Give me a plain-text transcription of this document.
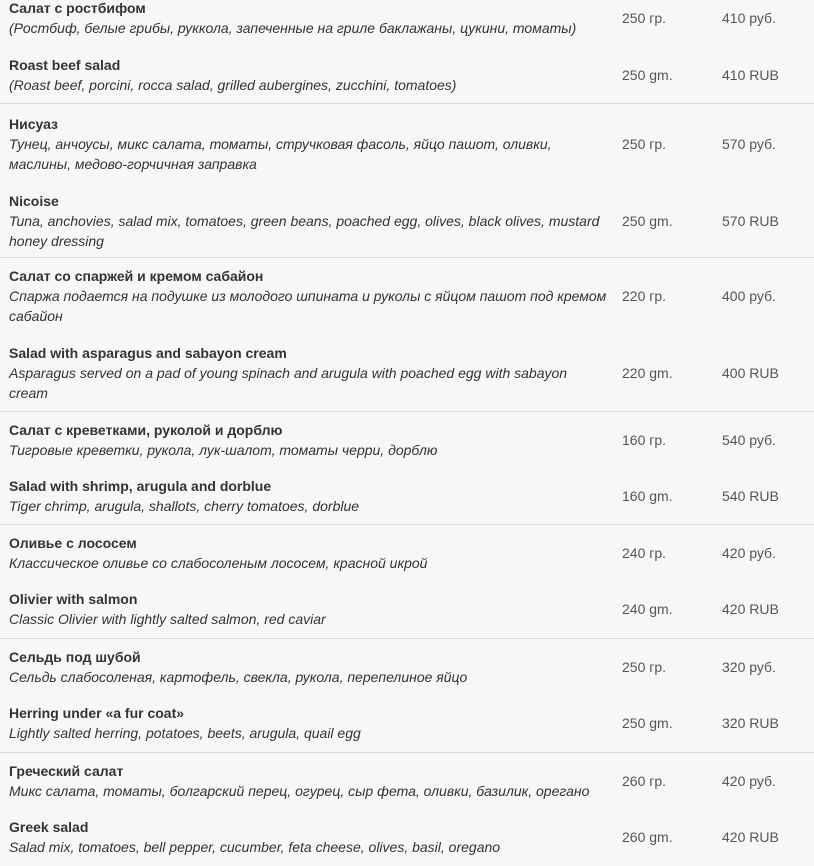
Салат с ростбифом
(Ростбиф, белые грибы, руккола, запеченные на гриле баклажаны, цукини, томаты)
250 гр.	410 руб.
Roast beef salad
(Roast beef, porcini, rocca salad, grilled aubergines, zucchini, tomatoes)
250 gm.	410 RUB
Нисуаз
Тунец, анчоусы, микс салата, томаты, стручковая фасоль, яйцо пашот, оливки, маслины, медово-горчичная заправка
250 гр.	570 руб.
Nicoise
Tuna, anchovies, salad mix, tomatoes, green beans, poached egg, olives, black olives, mustard honey dressing
250 gm.	570 RUB
Салат со спаржей и кремом сабайон
Спаржа подается на подушке из молодого шпината и руколы с яйцом пашот под кремом сабайон
220 гр.	400 руб.
Salad with asparagus and sabayon cream
Asparagus served on a pad of young spinach and arugula with poached egg with sabayon cream
220 gm.	400 RUB
Салат с креветками, руколой и дорблю
Тигровые креветки, рукола, лук-шалот, томаты черри, дорблю
160 гр.	540 руб.
Salad with shrimp, arugula and dorblue
Tiger chrimp, arugula, shallots, cherry tomatoes, dorblue
160 gm.	540 RUB
Оливье с лососем
Классическое оливье со слабосоленым лососем, красной икрой
240 гр.	420 руб.
Olivier with salmon
Classic Olivier with lightly salted salmon, red caviar
240 gm.	420 RUB
Сельдь под шубой
Сельдь слабосоленая, картофель, свекла, рукола, перепелиное яйцо
250 гр.	320 руб.
Herring under «a fur coat»
Lightly salted herring, potatoes, beets, arugula, quail egg
250 gm.	320 RUB
Греческий салат
Микс салата, томаты, болгарский перец, огурец, сыр фета, оливки, базилик, орегано
260 гр.	420 руб.
Greek salad
Salad mix, tomatoes, bell pepper, cucumber, feta cheese, olives, basil, oregano
260 gm.	420 RUB
